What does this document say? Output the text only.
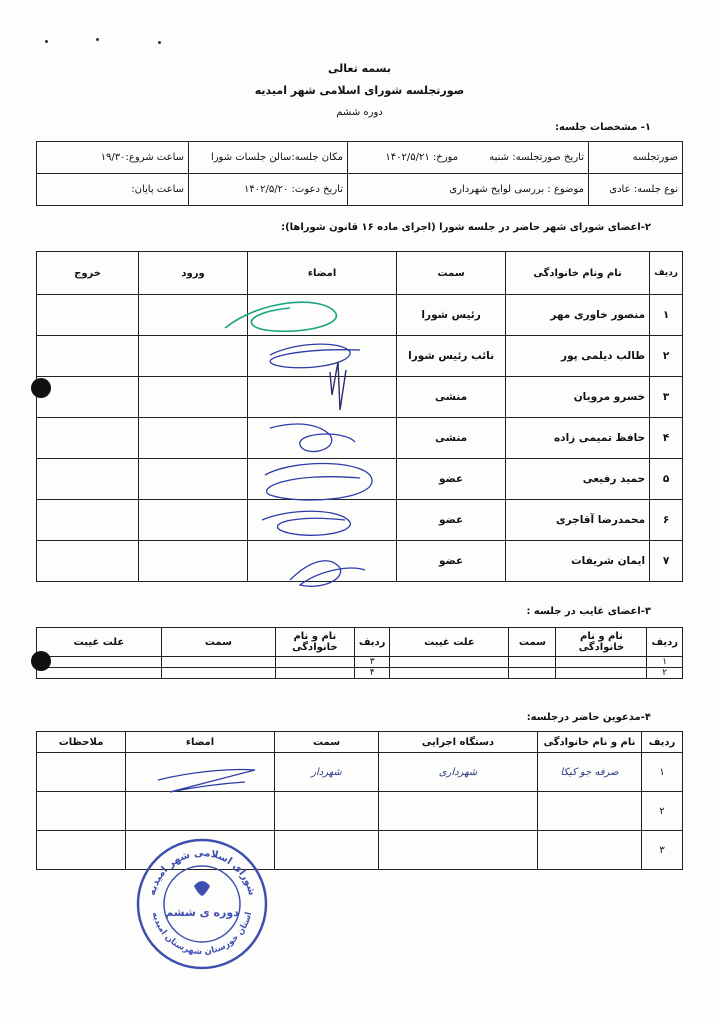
بسمه تعالی
صورتجلسه شورای اسلامی شهر امیدیه
دوره ششم
۱- مشخصات جلسه:
صورتجلسه	تاریخ صورتجلسه: شنبه مورخ: ۱۴۰۲/۵/۲۱	مکان جلسه:سالن جلسات شورا	ساعت شروع:۱۹/۳۰
نوع جلسه: عادی	موضوع : بررسی لوایح شهرداری	تاریخ دعوت: ۱۴۰۲/۵/۲۰	ساعت پایان:
۲-اعضای شورای شهر حاضر در جلسه شورا (اجرای ماده ۱۶ قانون شوراها):
ردیف	نام ونام خانوادگی	سمت	امضاء	ورود	خروج
۱	منصور خاوری مهر	رئیس شورا			
۲	طالب دیلمی پور	نائب رئیس شورا			
۳	خسرو مرویان	منشی			
۴	حافظ تمیمی زاده	منشی			
۵	حمید رفیعی	عضو			
۶	محمدرضا آقاجری	عضو			
۷	ایمان شریفات	عضو			
۳-اعضای غایب در جلسه :
ردیف	نام و نام خانوادگی	سمت	علت غیبت	ردیف	نام و نام خانوادگی	سمت	علت غیبت
۱				۳			
۲				۴			
۴-مدعوین حاضر درجلسه:
ردیف	نام و نام خانوادگی	دستگاه اجرایی	سمت	امضاء	ملاحظات
۱	صرفه جو کیکا	شهرداری	شهردار		
۲					
۳					
شورای اسلامی شهر امیدیه
استان خوزستان شهرستان امیدیه
دوره ی ششم
